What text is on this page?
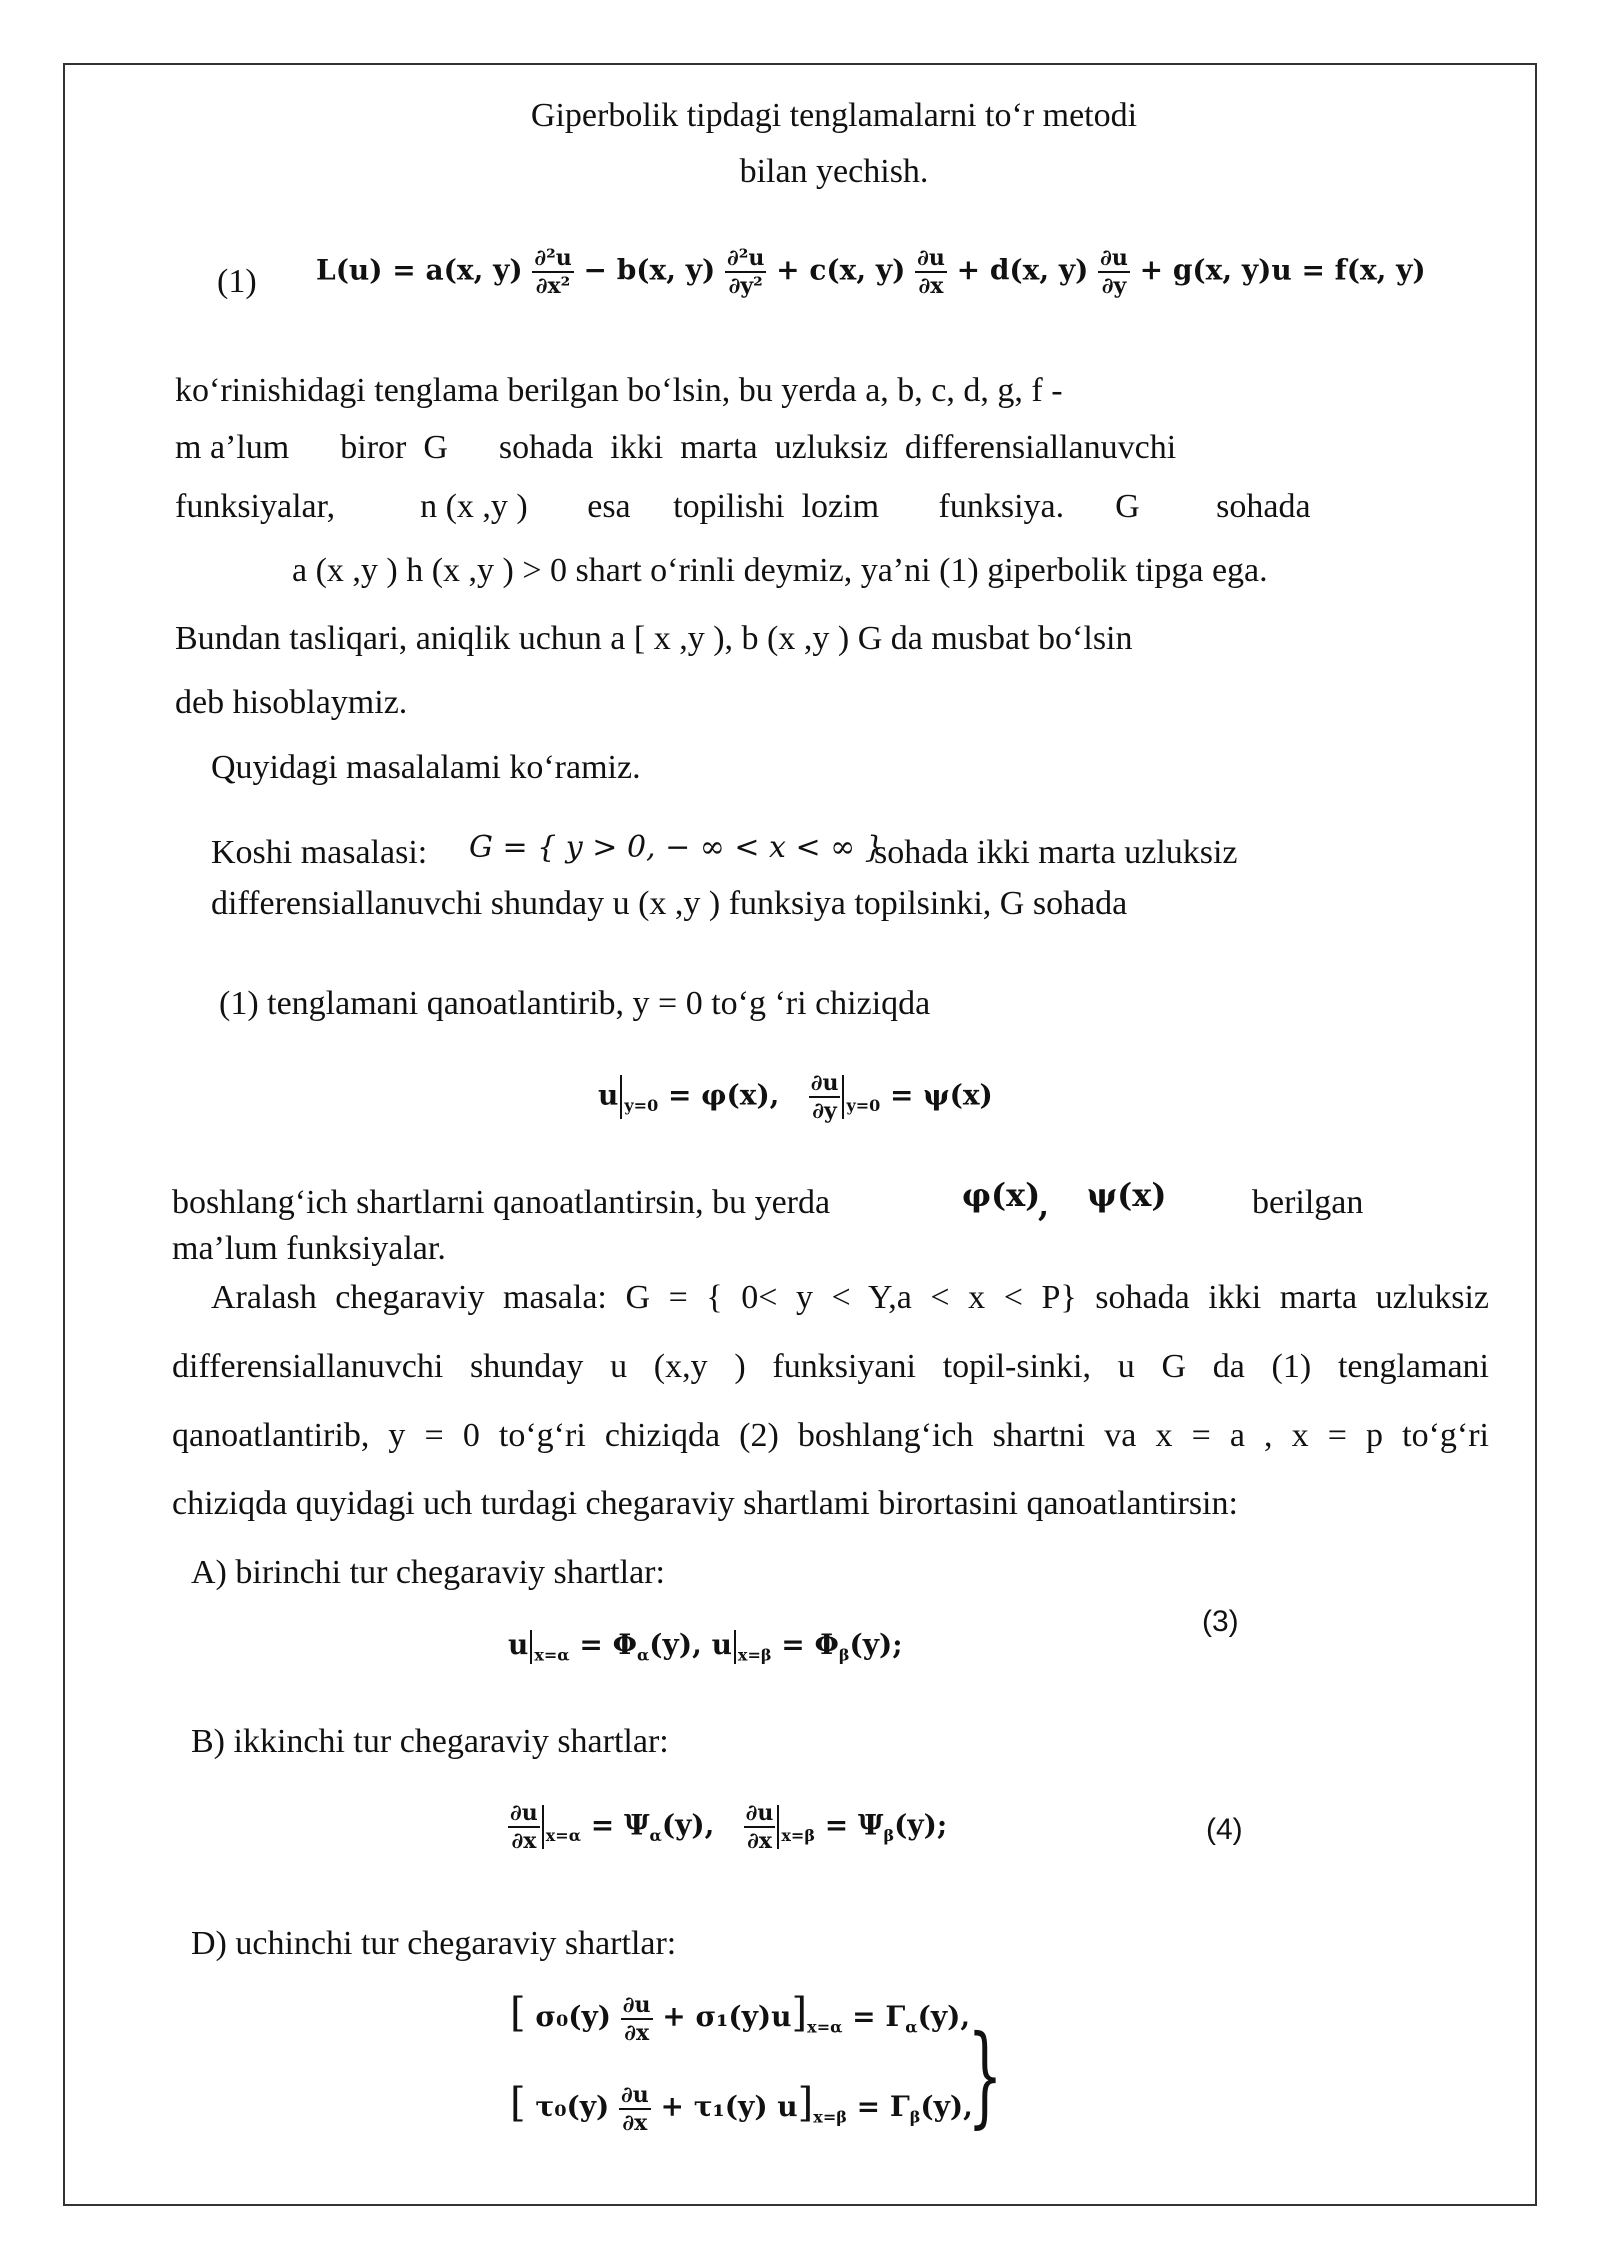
Giperbolik tipdagi tenglamalarni to‘r metodi
bilan yechish.
(1) L(u) = a(x, $y) \frac{\text{∂²u}}{\text{∂x²}} - b(x$, $y) \frac{\text{∂²u}}{\text{∂y²}} + c(x$, $y) \frac{\partial u}{\partial x} + d(x$, $y) \frac{\partial u}{\partial y} + g(x$, y)u = f(x, y)
ko‘rinishidagi tenglama berilgan bo‘lsin, bu yerda a, b, c, d, g, f -
m a’lum      biror  G      sohada  ikki  marta  uzluksiz  differensiallanuvchi
funksiyalar,          n (x ,y )       esa     topilishi  lozim       funksiya.      G         sohada
a (x ,y ) h (x ,y ) > 0 shart o‘rinli deymiz, ya’ni (1) giperbolik tipga ega.
Bundan tasliqari, aniqlik uchun a [ x ,y ), b (x ,y ) G da musbat bo‘lsin
deb hisoblaymiz.
Quyidagi masalalami ko‘ramiz.
Koshi masalasi: G = { y > 0, − ∞ < x < ∞ }
sohada ikki marta uzluksiz
differensiallanuvchi shunday u (x ,y ) funksiya topilsinki, G sohada
(1) tenglamani qanoatlantirib, y = 0 to‘g ‘ri chiziqda
u $_{y=0}$ = φ(x), $\frac{\partial u}{\partial y} _{y=0} = \psi(x)$
boshlang‘ich shartlarni qanoatlantirsin, bu yerda	φ(x)
, ψ(x)	berilgan
ma’lum funksiyalar.
Aralash chegaraviy masala: G = { 0< y < Y,a < x < P} sohada ikki marta uzluksiz
differensiallanuvchi shunday u (x,y ) funksiyani topil-sinki, u G da (1) tenglamani
qanoatlantirib, y = 0 to‘g‘ri chiziqda (2) boshlang‘ich shartni va x = a , x = p to‘g‘ri
chiziqda quyidagi uch turdagi chegaraviy shartlami birortasini qanoatlantirsin:
A) birinchi tur chegaraviy shartlar:
(3)
u $_{x=\alpha} = \Phi_\alpha(y)$, u $_{x=\beta} = \Phi_\beta(y)$;
B) ikkinchi tur chegaraviy shartlar:
$\frac{\partial u}{\partial x} _{x=\alpha} = \Psi_\alpha(y)$, $\frac{\partial u}{\partial x} _{x=\beta} = \Psi_\beta(y)$;	(4)
D) uchinchi tur chegaraviy shartlar:
[ $\sigma_0(y) \frac{\partial u}{\partial x} + \sigma_1(y)u]_{x=\alpha} = \Gamma_\alpha(y)$,
[ $\tau_0(y) \frac{\partial u}{\partial x} + \tau_1(y) u]_{x=\beta} = \Gamma_\beta(y)$,
}
